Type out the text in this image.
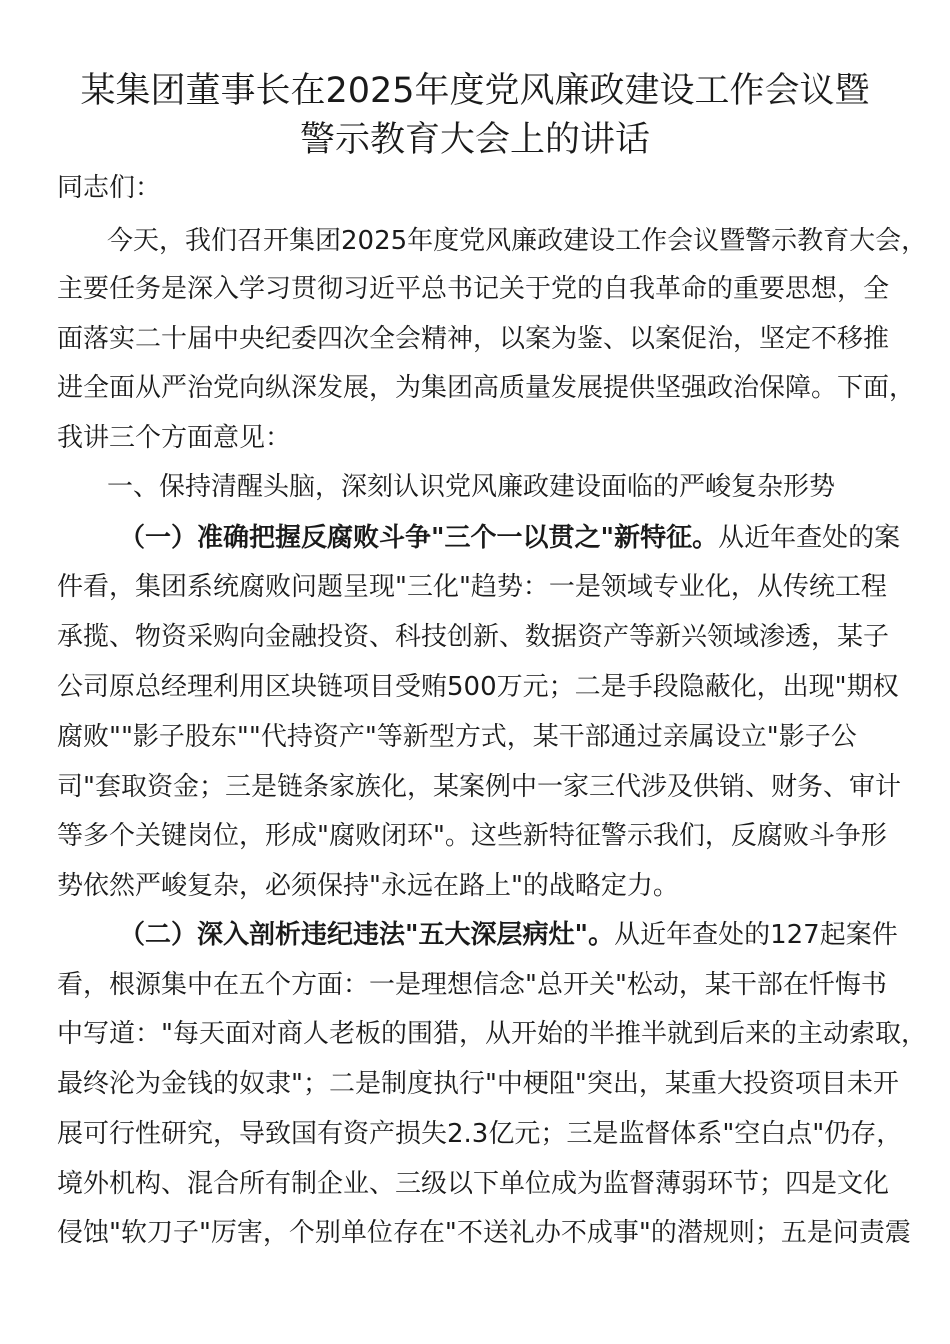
某集团董事长在2025年度党风廉政建设工作会议暨
警示教育大会上的讲话

同志们：

今天，我们召开集团2025年度党风廉政建设工作会议暨警示教育大会，

主要任务是深入学习贯彻习近平总书记关于党的自我革命的重要思想，全

面落实二十届中央纪委四次全会精神，以案为鉴、以案促治，坚定不移推

进全面从严治党向纵深发展，为集团高质量发展提供坚强政治保障。下面，

我讲三个方面意见：

一、保持清醒头脑，深刻认识党风廉政建设面临的严峻复杂形势

（一）准确把握反腐败斗争"三个一以贯之"新特征。从近年查处的案

件看，集团系统腐败问题呈现"三化"趋势：一是领域专业化，从传统工程

承揽、物资采购向金融投资、科技创新、数据资产等新兴领域渗透，某子

公司原总经理利用区块链项目受贿500万元；二是手段隐蔽化，出现"期权

腐败""影子股东""代持资产"等新型方式，某干部通过亲属设立"影子公

司"套取资金；三是链条家族化，某案例中一家三代涉及供销、财务、审计

等多个关键岗位，形成"腐败闭环"。这些新特征警示我们，反腐败斗争形

势依然严峻复杂，必须保持"永远在路上"的战略定力。

（二）深入剖析违纪违法"五大深层病灶"。从近年查处的127起案件

看，根源集中在五个方面：一是理想信念"总开关"松动，某干部在忏悔书

中写道："每天面对商人老板的围猎，从开始的半推半就到后来的主动索取，

最终沦为金钱的奴隶"；二是制度执行"中梗阻"突出，某重大投资项目未开

展可行性研究，导致国有资产损失2.3亿元；三是监督体系"空白点"仍存，

境外机构、混合所有制企业、三级以下单位成为监督薄弱环节；四是文化

侵蚀"软刀子"厉害，个别单位存在"不送礼办不成事"的潜规则；五是问责震
